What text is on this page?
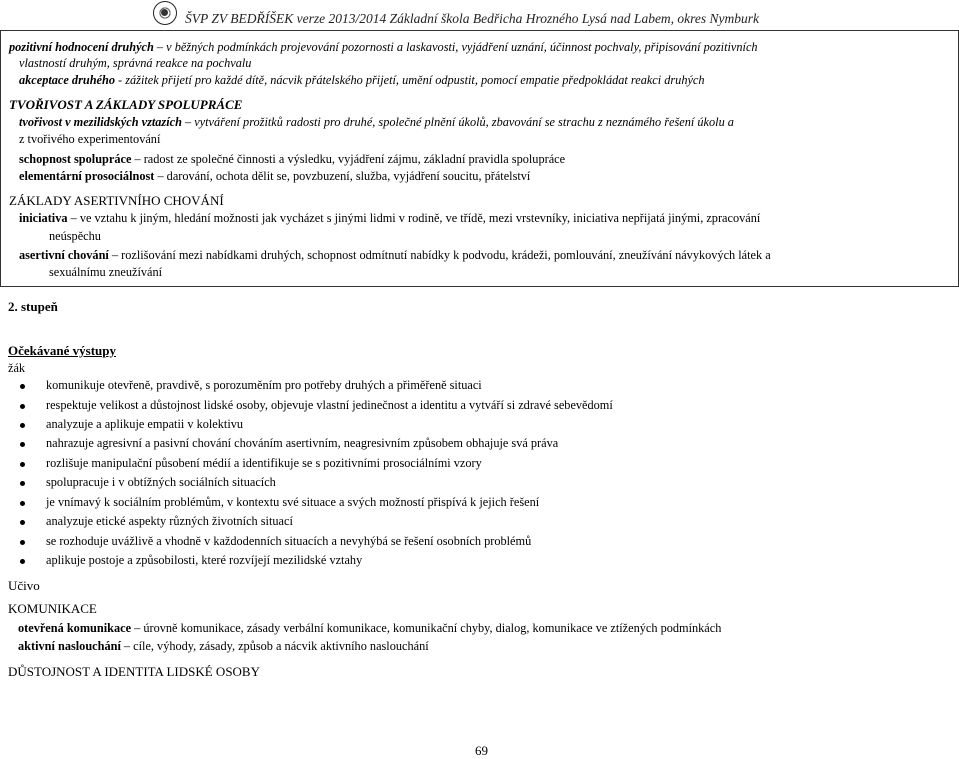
ŠVP ZV BEDŘÍŠEK verze 2013/2014 Základní škola Bedřicha Hrozného Lysá nad Labem, okres Nymburk
pozitivní hodnocení druhých – v běžných podmínkách projevování pozornosti a laskavosti, vyjádření uznání, účinnost pochvaly, připisování pozitivních
vlastností druhým, správná reakce na pochvalu
akceptace druhého - zážitek přijetí pro každé dítě, nácvik přátelského přijetí, umění odpustit, pomocí empatie předpokládat reakci druhých
TVOŘIVOST A ZÁKLADY SPOLUPRÁCE
tvořivost v mezilidských vztazích – vytváření prožitků radosti pro druhé, společné plnění úkolů, zbavování se strachu z neznámého řešení úkolu a
z tvořivého experimentování
schopnost spolupráce – radost ze společné činnosti a výsledku, vyjádření zájmu, základní pravidla spolupráce
elementární prosociálnost – darování, ochota dělit se, povzbuzení, služba, vyjádření soucitu, přátelství
ZÁKLADY ASERTIVNÍHO CHOVÁNÍ
iniciativa – ve vztahu k jiným, hledání možnosti jak vycházet s jinými lidmi v rodině, ve třídě, mezi vrstevníky, iniciativa nepřijatá jinými, zpracování
neúspěchu
asertivní chování – rozlišování mezi nabídkami druhých, schopnost odmítnutí nabídky k podvodu, krádeži, pomlouvání, zneužívání návykových látek a
sexuálnímu zneužívání
2. stupeň
Očekávané výstupy
žák
komunikuje otevřeně, pravdivě, s porozuměním pro potřeby druhých a přiměřeně situaci
respektuje velikost a důstojnost lidské osoby, objevuje vlastní jedinečnost a identitu a vytváří si zdravé sebevědomí
analyzuje a aplikuje empatii v kolektivu
nahrazuje agresivní a pasivní chování chováním asertivním, neagresivním způsobem obhajuje svá práva
rozlišuje manipulační působení médií a identifikuje se s pozitivními prosociálními vzory
spolupracuje i v obtížných sociálních situacích
je vnímavý k sociálním problémům, v kontextu své situace a svých možností přispívá k jejich řešení
analyzuje etické aspekty různých životních situací
se rozhoduje uvážlivě a vhodně v každodenních situacích a nevyhýbá se řešení osobních problémů
aplikuje postoje a způsobilosti, které rozvíjejí mezilidské vztahy
Učivo
KOMUNIKACE
otevřená komunikace – úrovně komunikace, zásady verbální komunikace, komunikační chyby, dialog, komunikace ve ztížených podmínkách
aktivní naslouchání – cíle, výhody, zásady, způsob a nácvik aktivního naslouchání
DŮSTOJNOST A IDENTITA LIDSKÉ OSOBY
69
